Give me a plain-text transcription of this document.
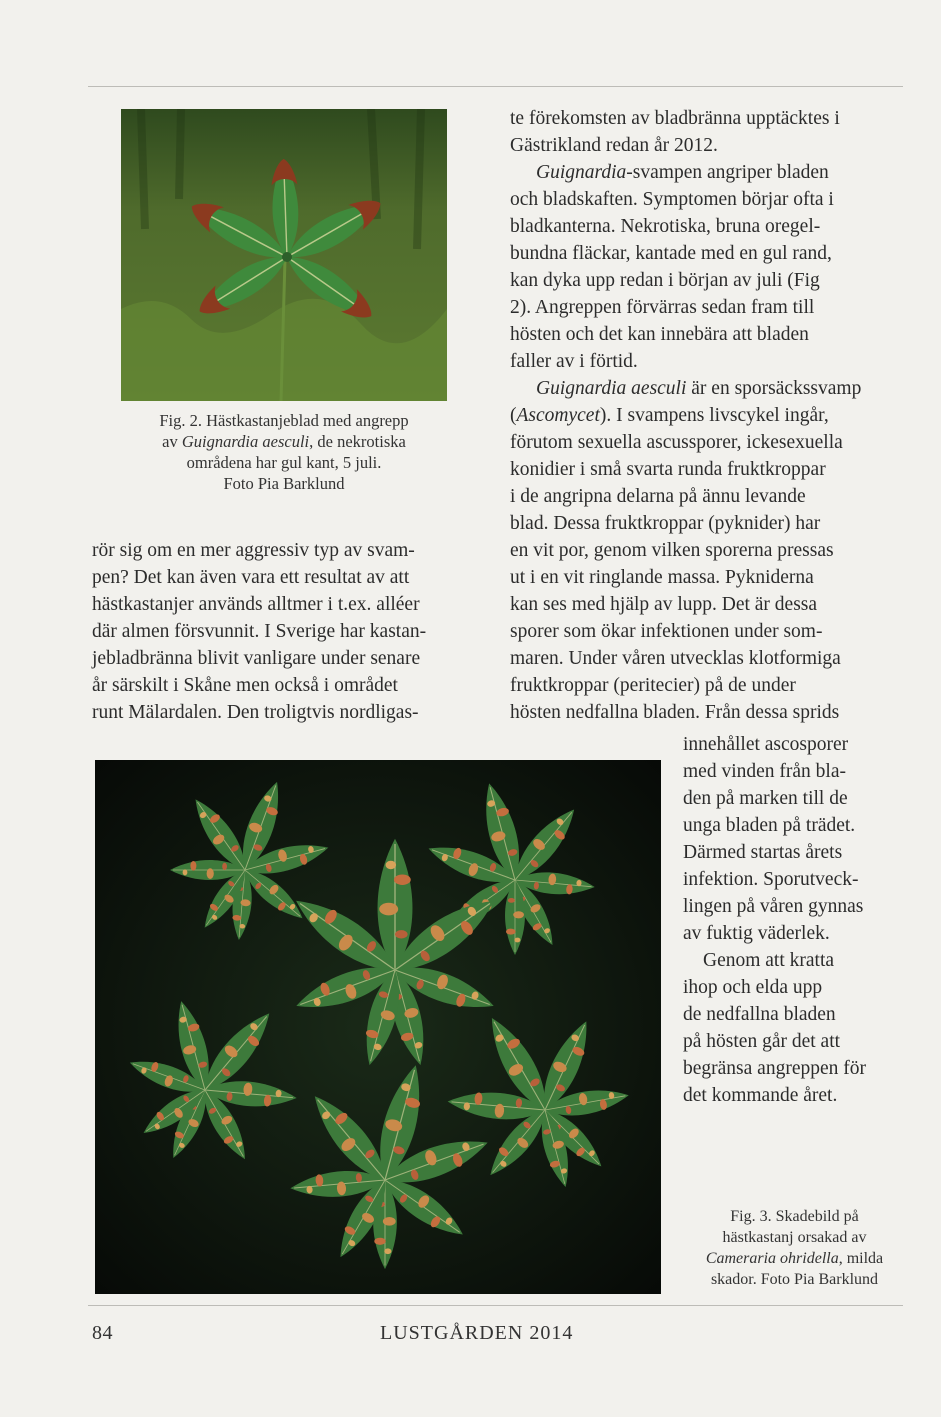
Fig. 2. Hästkastanjeblad med angrepp
av Guignardia aesculi, de nekrotiska
områdena har gul kant, 5 juli.
Foto Pia Barklund
rör sig om en mer aggressiv typ av svam-
pen? Det kan även vara ett resultat av att
hästkastanjer används alltmer i t.ex. alléer
där almen försvunnit. I Sverige har kastan-
jebladbränna blivit vanligare under senare
år särskilt i Skåne men också i området
runt Mälardalen. Den troligtvis nordligas-
te förekomsten av bladbränna upptäcktes i
Gästrikland redan år 2012.
Guignardia-svampen angriper bladen
och bladskaften. Symptomen börjar ofta i
bladkanterna. Nekrotiska, bruna oregel-
bundna fläckar, kantade med en gul rand,
kan dyka upp redan i början av juli (Fig
2). Angreppen förvärras sedan fram till
hösten och det kan innebära att bladen
faller av i förtid.
Guignardia aesculi är en sporsäckssvamp
(Ascomycet). I svampens livscykel ingår,
förutom sexuella ascussporer, ickesexuella
konidier i små svarta runda fruktkroppar
i de angripna delarna på ännu levande
blad. Dessa fruktkroppar (pyknider) har
en vit por, genom vilken sporerna pressas
ut i en vit ringlande massa. Pykniderna
kan ses med hjälp av lupp. Det är dessa
sporer som ökar infektionen under som-
maren. Under våren utvecklas klotformiga
fruktkroppar (peritecier) på de under
hösten nedfallna bladen. Från dessa sprids
innehållet ascosporer
med vinden från bla-
den på marken till de
unga bladen på trädet.
Därmed startas årets
infektion. Sporutveck-
lingen på våren gynnas
av fuktig väderlek.
Genom att kratta
ihop och elda upp
de nedfallna bladen
på hösten går det att
begränsa angreppen för
det kommande året.
Fig. 3. Skadebild på
hästkastanj orsakad av
Cameraria ohridella, milda
skador. Foto Pia Barklund
84	LUSTGÅRDEN 2014
